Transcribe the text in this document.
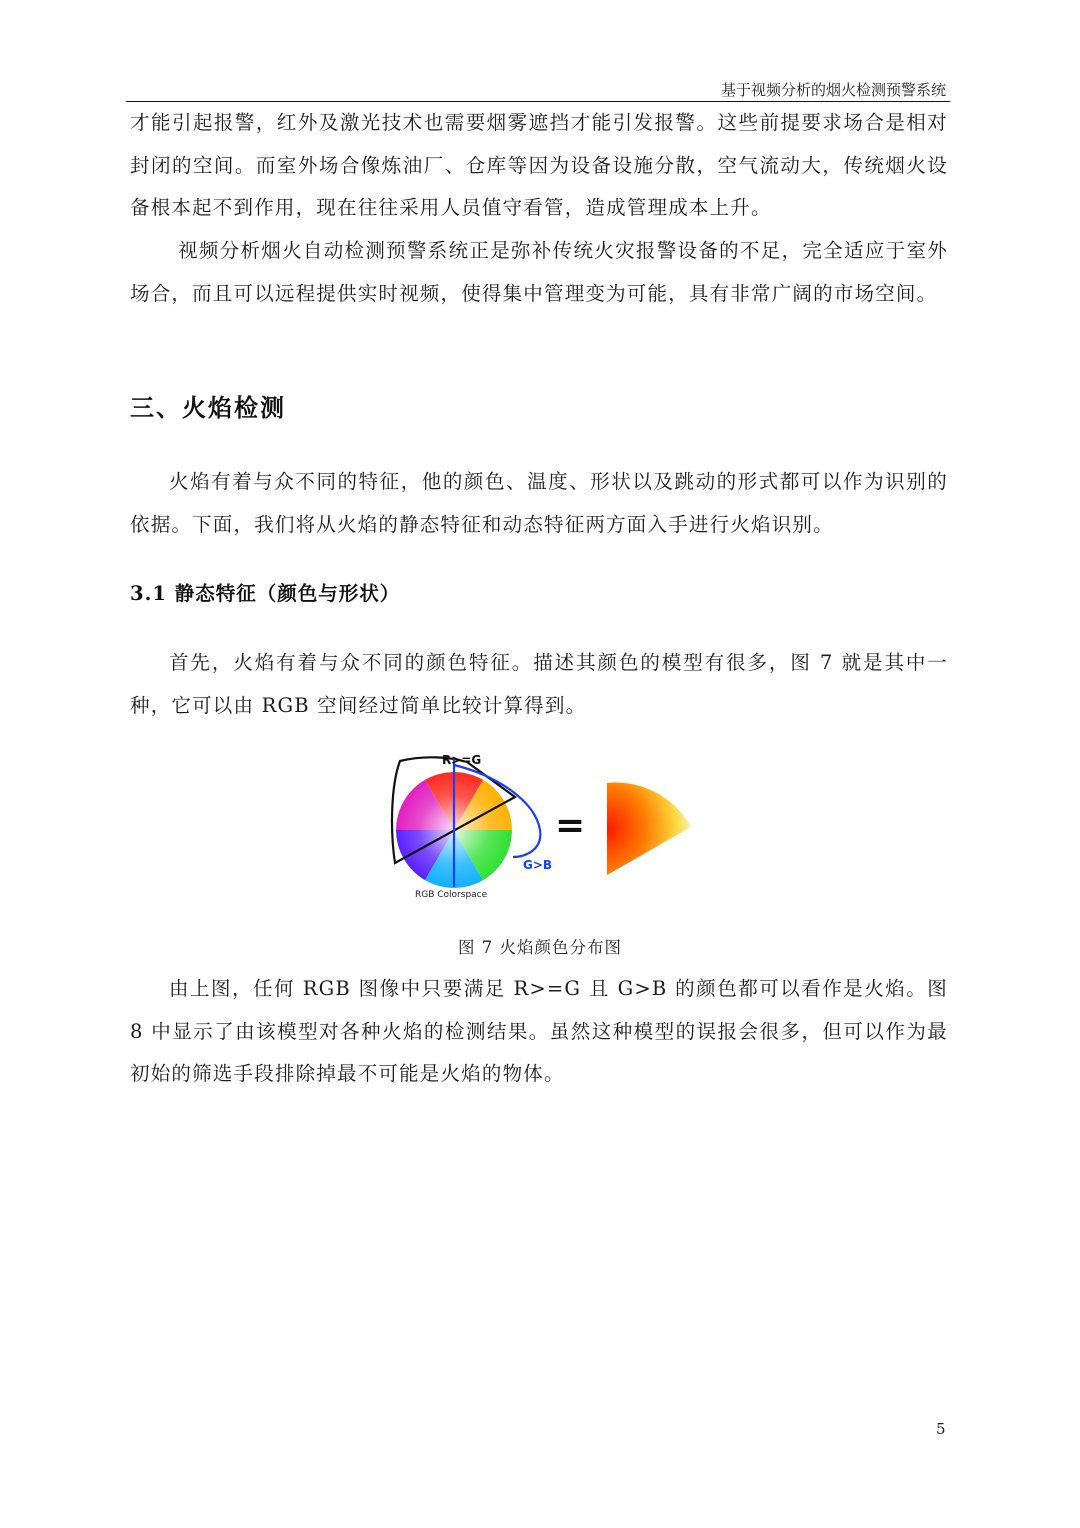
基于视频分析的烟火检测预警系统

才能引起报警，红外及激光技术也需要烟雾遮挡才能引发报警。这些前提要求场合是相对封闭的空间。而室外场合像炼油厂、仓库等因为设备设施分散，空气流动大，传统烟火设备根本起不到作用，现在往往采用人员值守看管，造成管理成本上升。

视频分析烟火自动检测预警系统正是弥补传统火灾报警设备的不足，完全适应于室外场合，而且可以远程提供实时视频，使得集中管理变为可能，具有非常广阔的市场空间。

三、火焰检测

火焰有着与众不同的特征，他的颜色、温度、形状以及跳动的形式都可以作为识别的依据。下面，我们将从火焰的静态特征和动态特征两方面入手进行火焰识别。

3.1 静态特征（颜色与形状）

首先，火焰有着与众不同的颜色特征。描述其颜色的模型有很多，图 7 就是其中一种，它可以由 RGB 空间经过简单比较计算得到。

R>=G
G>B
RGB Colorspace
=
图 7 火焰颜色分布图

由上图，任何 RGB 图像中只要满足 R>=G 且 G>B 的颜色都可以看作是火焰。图 8 中显示了由该模型对各种火焰的检测结果。虽然这种模型的误报会很多，但可以作为最初始的筛选手段排除掉最不可能是火焰的物体。

5
